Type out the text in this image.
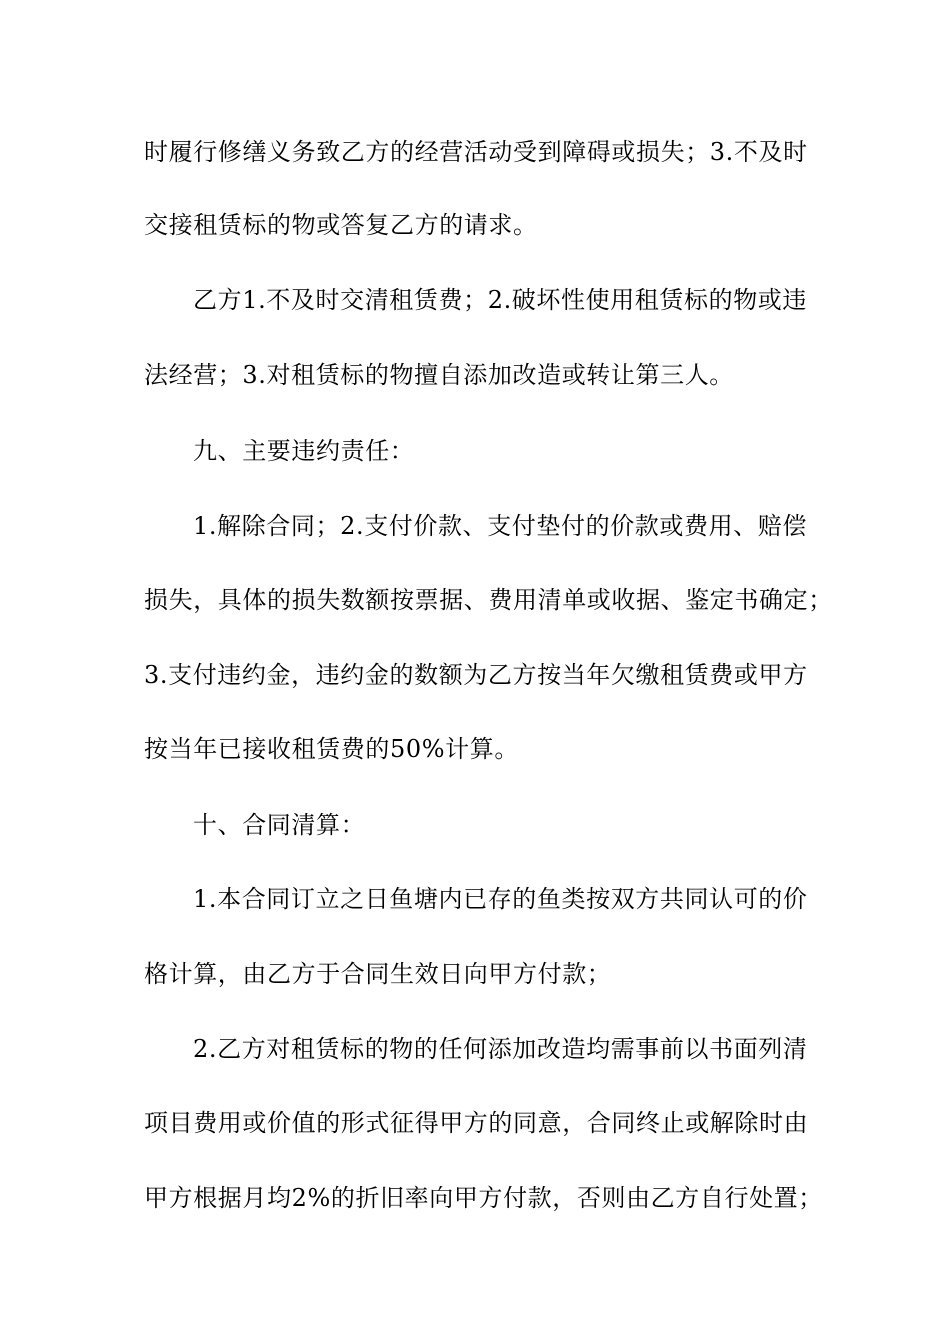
时履行修缮义务致乙方的经营活动受到障碍或损失；3.不及时
交接租赁标的物或答复乙方的请求。
乙方1.不及时交清租赁费；2.破坏性使用租赁标的物或违
法经营；3.对租赁标的物擅自添加改造或转让第三人。
九、主要违约责任：
1.解除合同；2.支付价款、支付垫付的价款或费用、赔偿
损失，具体的损失数额按票据、费用清单或收据、鉴定书确定；
3.支付违约金，违约金的数额为乙方按当年欠缴租赁费或甲方
按当年已接收租赁费的50%计算。
十、合同清算：
1.本合同订立之日鱼塘内已存的鱼类按双方共同认可的价
格计算，由乙方于合同生效日向甲方付款；
2.乙方对租赁标的物的任何添加改造均需事前以书面列清
项目费用或价值的形式征得甲方的同意，合同终止或解除时由
甲方根据月均2%的折旧率向甲方付款，否则由乙方自行处置；
